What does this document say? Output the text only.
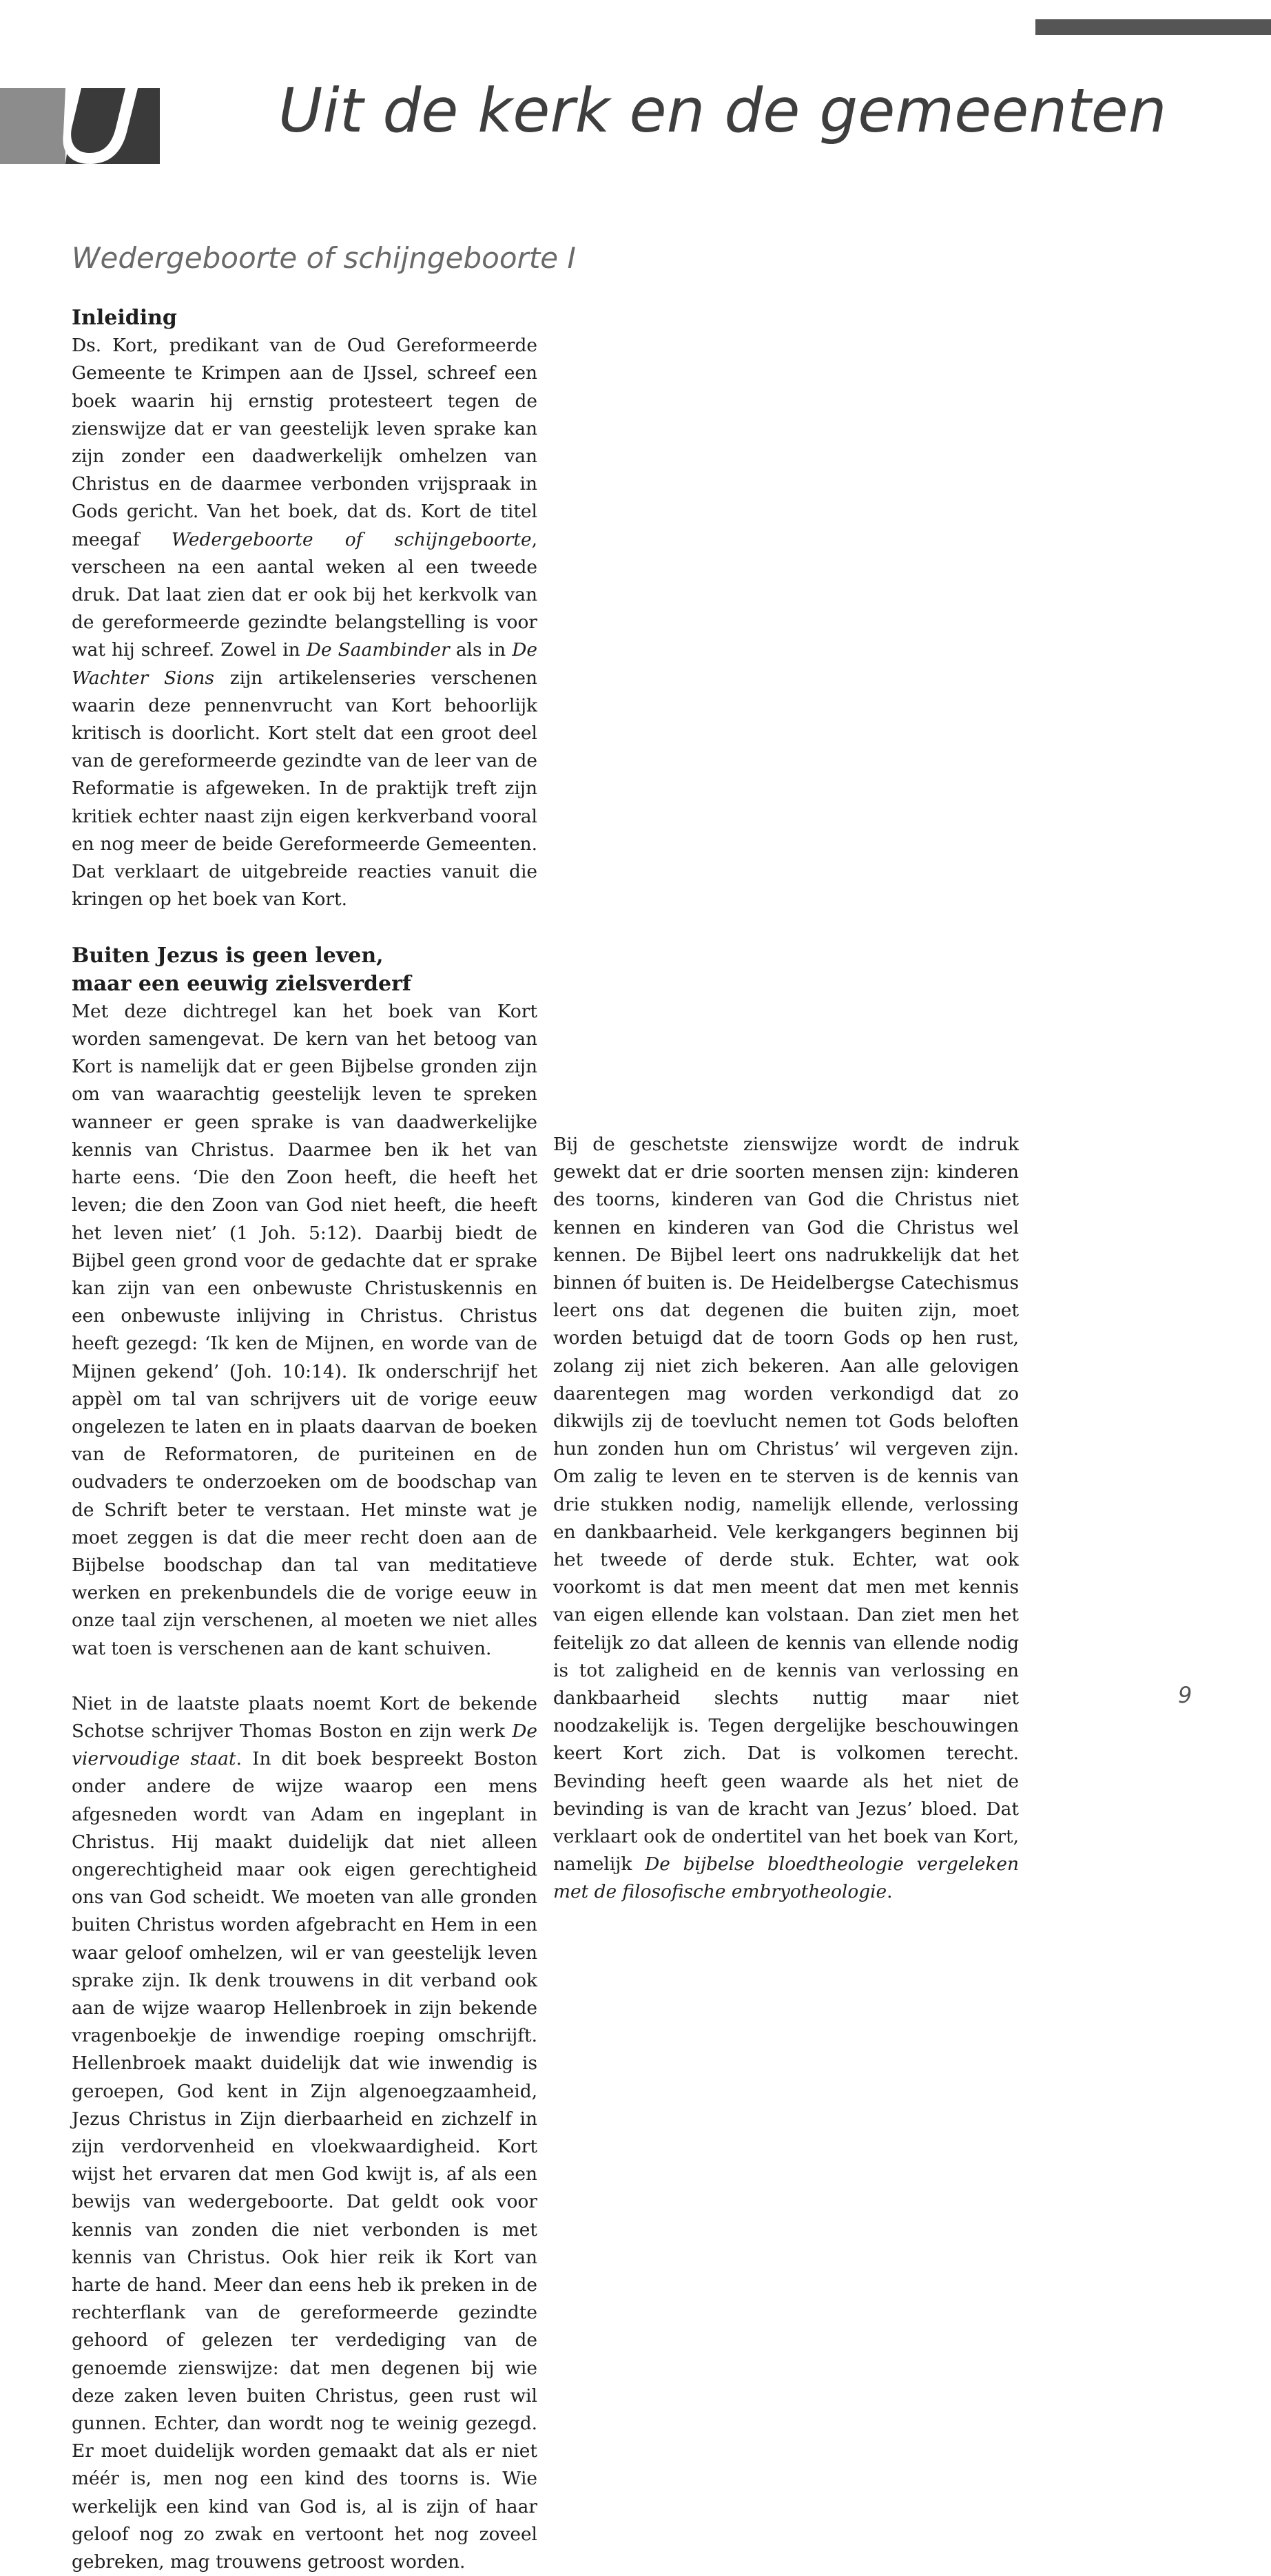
Uit de kerk en de gemeenten
Wedergeboorte of schijngeboorte I
Inleiding

Ds. Kort, predikant van de Oud Gereformeerde Gemeente te Krimpen aan de IJssel, schreef een boek waarin hij ernstig protesteert tegen de zienswijze dat er van geestelijk leven sprake kan zijn zonder een daadwerkelijk omhelzen van Christus en de daarmee verbonden vrijspraak in Gods gericht. Van het boek, dat ds. Kort de titel meegaf Wedergeboorte of schijngeboorte, verscheen na een aantal weken al een tweede druk. Dat laat zien dat er ook bij het kerkvolk van de gereformeerde gezindte belangstelling is voor wat hij schreef. Zowel in De Saambinder als in De Wachter Sions zijn artikelenseries verschenen waarin deze pennenvrucht van Kort behoorlijk kritisch is doorlicht. Kort stelt dat een groot deel van de gereformeerde gezindte van de leer van de Reformatie is afgeweken. In de praktijk treft zijn kritiek echter naast zijn eigen kerkverband vooral en nog meer de beide Gereformeerde Gemeenten. Dat verklaart de uitgebreide reacties vanuit die kringen op het boek van Kort.

Buiten Jezus is geen leven,
maar een eeuwig zielsverderf

Met deze dichtregel kan het boek van Kort worden samengevat. De kern van het betoog van Kort is namelijk dat er geen Bijbelse gronden zijn om van waarachtig geestelijk leven te spreken wanneer er geen sprake is van daadwerkelijke kennis van Christus. Daarmee ben ik het van harte eens. ‘Die den Zoon heeft, die heeft het leven; die den Zoon van God niet heeft, die heeft het leven niet’ (1 Joh. 5:12). Daarbij biedt de Bijbel geen grond voor de gedachte dat er sprake kan zijn van een onbewuste Christuskennis en een onbewuste inlijving in Christus. Christus heeft gezegd: ‘Ik ken de Mijnen, en worde van de Mijnen gekend’ (Joh. 10:14). Ik onderschrijf het appèl om tal van schrijvers uit de vorige eeuw ongelezen te laten en in plaats daarvan de boeken van de Reformatoren, de puriteinen en de oudvaders te onderzoeken om de boodschap van de Schrift beter te verstaan. Het minste wat je moet zeggen is dat die meer recht doen aan de Bijbelse boodschap dan tal van meditatieve werken en prekenbundels die de vorige eeuw in onze taal zijn verschenen, al moeten we niet alles wat toen is verschenen aan de kant schuiven.

Niet in de laatste plaats noemt Kort de bekende Schotse schrijver Thomas Boston en zijn werk De viervoudige staat. In dit boek bespreekt Boston onder andere de wijze waarop een mens afgesneden wordt van Adam en ingeplant in Christus. Hij maakt duidelijk dat niet alleen ongerechtigheid maar ook eigen gerechtigheid ons van God scheidt. We moeten van alle gronden buiten Christus worden afgebracht en Hem in een waar geloof omhelzen, wil er van geestelijk leven sprake zijn. Ik denk trouwens in dit verband ook aan de wijze waarop Hellenbroek in zijn bekende vragenboekje de inwendige roeping omschrijft. Hellenbroek maakt duidelijk dat wie inwendig is geroepen, God kent in Zijn algenoegzaamheid, Jezus Christus in Zijn dierbaarheid en zichzelf in zijn verdorvenheid en vloekwaardigheid. Kort wijst het ervaren dat men God kwijt is, af als een bewijs van wedergeboorte. Dat geldt ook voor kennis van zonden die niet verbonden is met kennis van Christus. Ook hier reik ik Kort van harte de hand. Meer dan eens heb ik preken in de rechterflank van de gereformeerde gezindte gehoord of gelezen ter verdediging van de genoemde zienswijze: dat men degenen bij wie deze zaken leven buiten Christus, geen rust wil gunnen. Echter, dan wordt nog te weinig gezegd. Er moet duidelijk worden gemaakt dat als er niet méér is, men nog een kind des toorns is. Wie werkelijk een kind van God is, al is zijn of haar geloof nog zo zwak en vertoont het nog zoveel gebreken, mag trouwens getroost worden.

Bij de geschetste zienswijze wordt de indruk gewekt dat er drie soorten mensen zijn: kinderen des toorns, kinderen van God die Christus niet kennen en kinderen van God die Christus wel kennen. De Bijbel leert ons nadrukkelijk dat het binnen óf buiten is. De Heidelbergse Catechismus leert ons dat degenen die buiten zijn, moet worden betuigd dat de toorn Gods op hen rust, zolang zij niet zich bekeren. Aan alle gelovigen daarentegen mag worden verkondigd dat zo dikwijls zij de toevlucht nemen tot Gods beloften hun zonden hun om Christus’ wil vergeven zijn. Om zalig te leven en te sterven is de kennis van drie stukken nodig, namelijk ellende, verlossing en dankbaarheid. Vele kerkgangers beginnen bij het tweede of derde stuk. Echter, wat ook voorkomt is dat men meent dat men met kennis van eigen ellende kan volstaan. Dan ziet men het feitelijk zo dat alleen de kennis van ellende nodig is tot zaligheid en de kennis van verlossing en dankbaarheid slechts nuttig maar niet noodzakelijk is. Tegen dergelijke beschouwingen keert Kort zich. Dat is volkomen terecht. Bevinding heeft geen waarde als het niet de bevinding is van de kracht van Jezus’ bloed. Dat verklaart ook de ondertitel van het boek van Kort, namelijk De bijbelse bloedtheologie vergeleken met de filosofische embryotheologie.

9
